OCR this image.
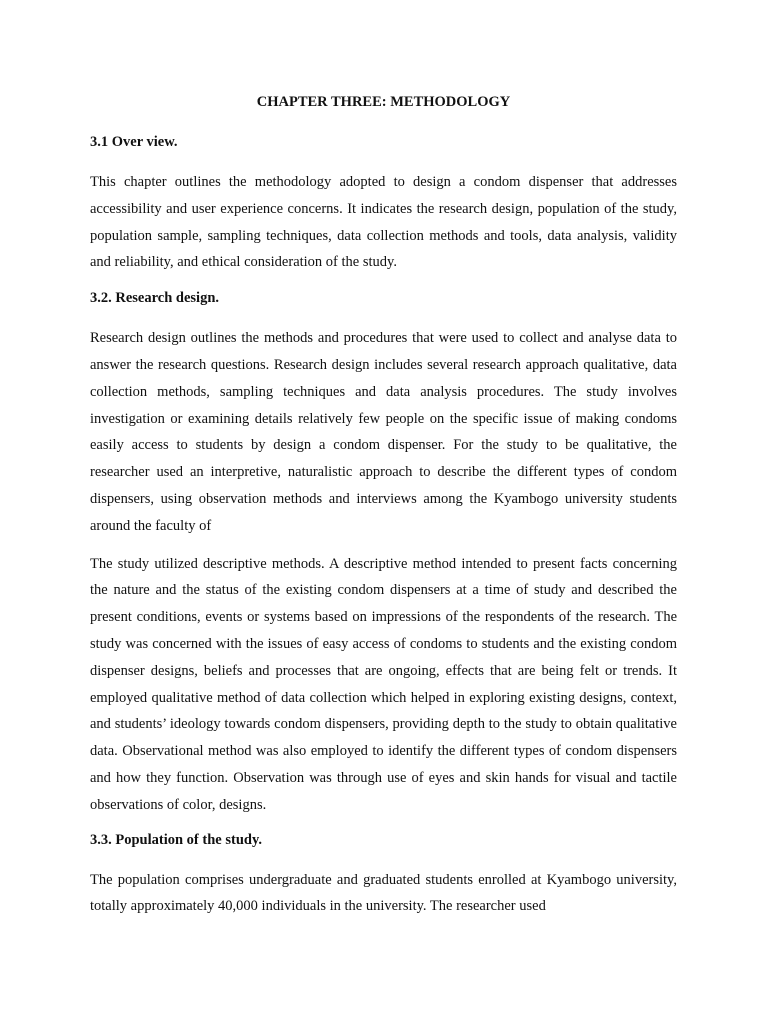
CHAPTER THREE: METHODOLOGY
3.1 Over view.

This chapter outlines the methodology adopted to design a condom dispenser that addresses accessibility and user experience concerns. It indicates the research design, population of the study, population sample, sampling techniques, data collection methods and tools, data analysis, validity and reliability, and ethical consideration of the study.

3.2. Research design.

Research design outlines the methods and procedures that were used to collect and analyse data to answer the research questions. Research design includes several research approach qualitative, data collection methods, sampling techniques and data analysis procedures. The study involves investigation or examining details relatively few people on the specific issue of making condoms easily access to students by design a condom dispenser. For the study to be qualitative, the researcher used an interpretive, naturalistic approach to describe the different types of condom dispensers, using observation methods and interviews among the Kyambogo university students around the faculty of

The study utilized descriptive methods. A descriptive method intended to present facts concerning the nature and the status of the existing condom dispensers at a time of study and described the present conditions, events or systems based on impressions of the respondents of the research. The study was concerned with the issues of easy access of condoms to students and the existing condom dispenser designs, beliefs and processes that are ongoing, effects that are being felt or trends. It employed qualitative method of data collection which helped in exploring existing designs, context, and students’ ideology towards condom dispensers, providing depth to the study to obtain qualitative data. Observational method was also employed to identify the different types of condom dispensers and how they function. Observation was through use of eyes and skin hands for visual and tactile observations of color, designs.

3.3. Population of the study.

The population comprises undergraduate and graduated students enrolled at Kyambogo university, totally approximately 40,000 individuals in the university. The researcher used
